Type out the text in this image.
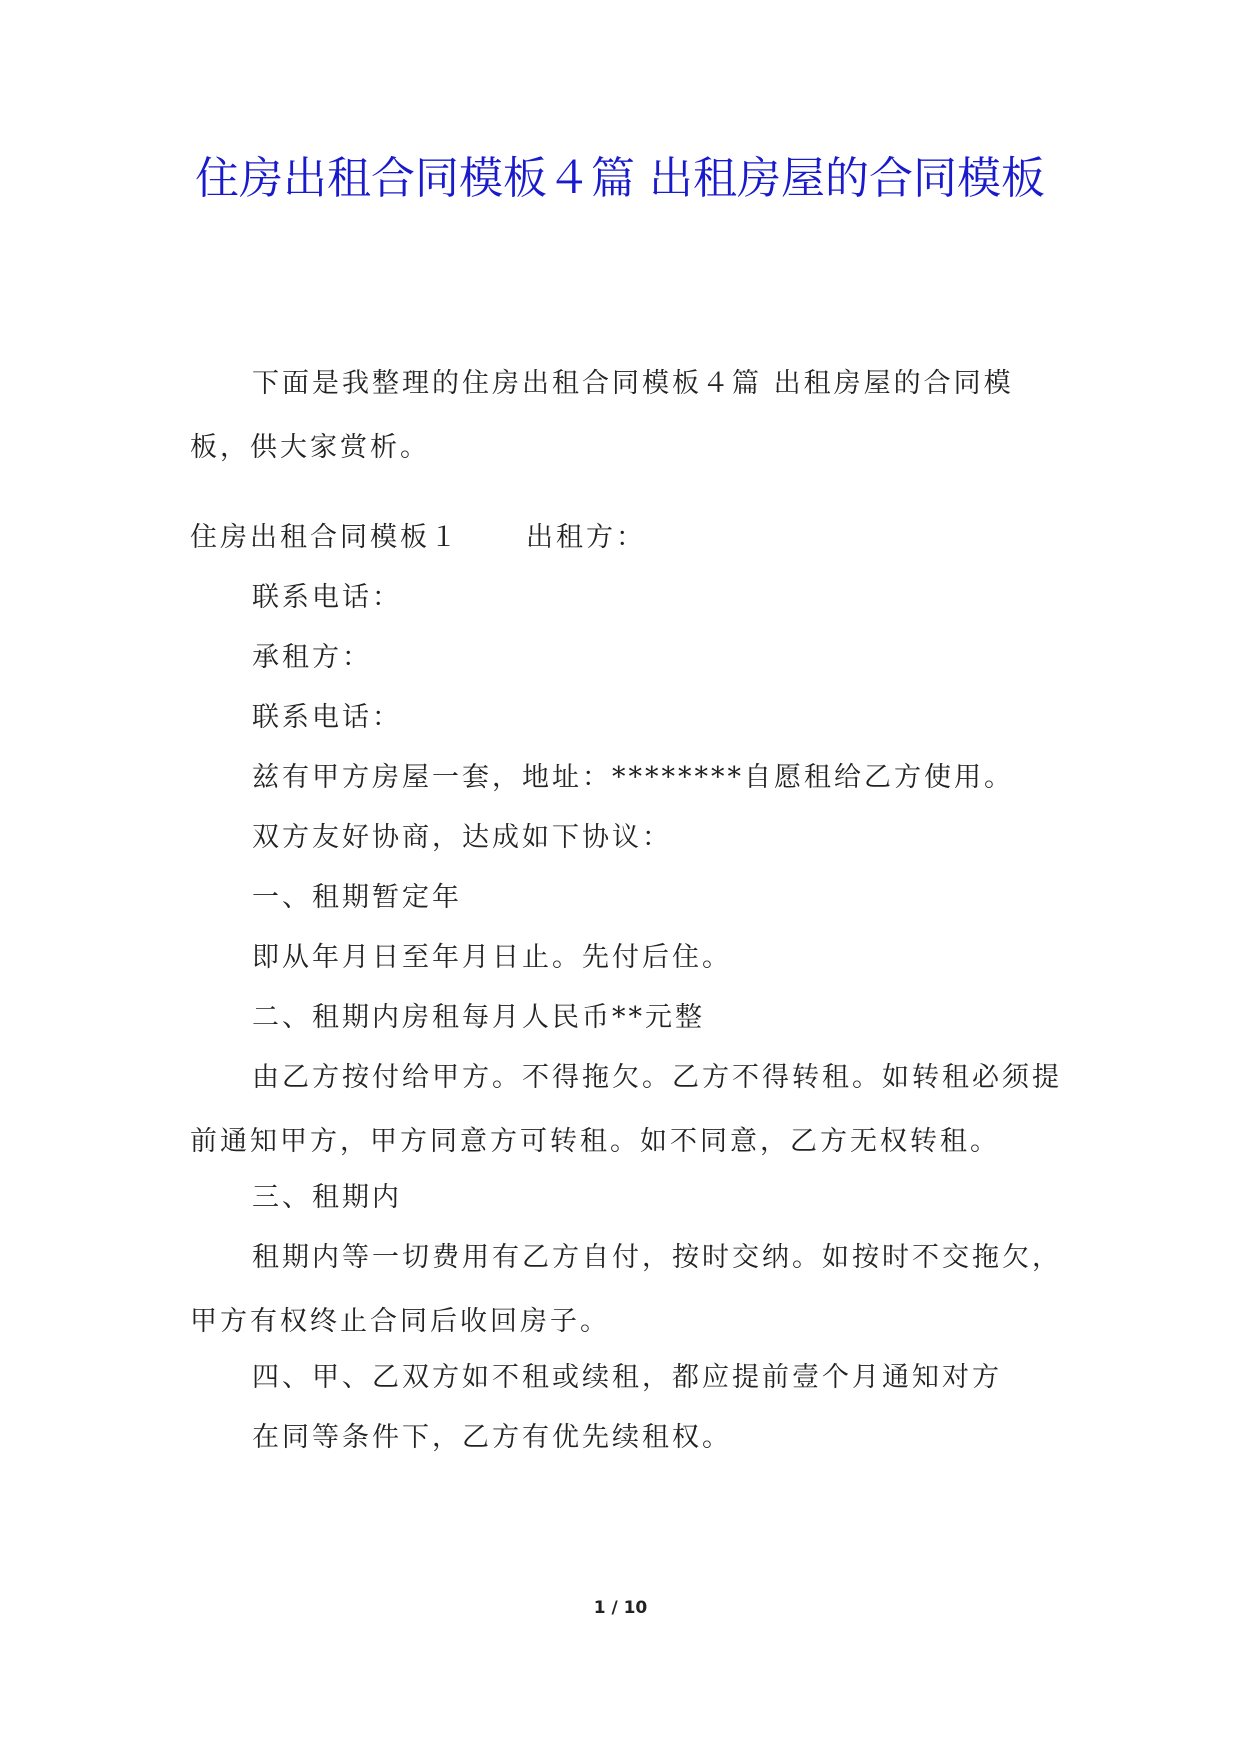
住房出租合同模板４篇 出租房屋的合同模板
下面是我整理的住房出租合同模板４篇 出租房屋的合同模板，供大家赏析。
住房出租合同模板１ 出租方：
联系电话：
承租方：
联系电话：
兹有甲方房屋一套，地址：********自愿租给乙方使用。
双方友好协商，达成如下协议：
一、租期暂定年
即从年月日至年月日止。先付后住。
二、租期内房租每月人民币**元整
由乙方按付给甲方。不得拖欠。乙方不得转租。如转租必须提前通知甲方，甲方同意方可转租。如不同意，乙方无权转租。
三、租期内
租期内等一切费用有乙方自付，按时交纳。如按时不交拖欠，甲方有权终止合同后收回房子。
四、甲、乙双方如不租或续租，都应提前壹个月通知对方
在同等条件下，乙方有优先续租权。
1 / 10
